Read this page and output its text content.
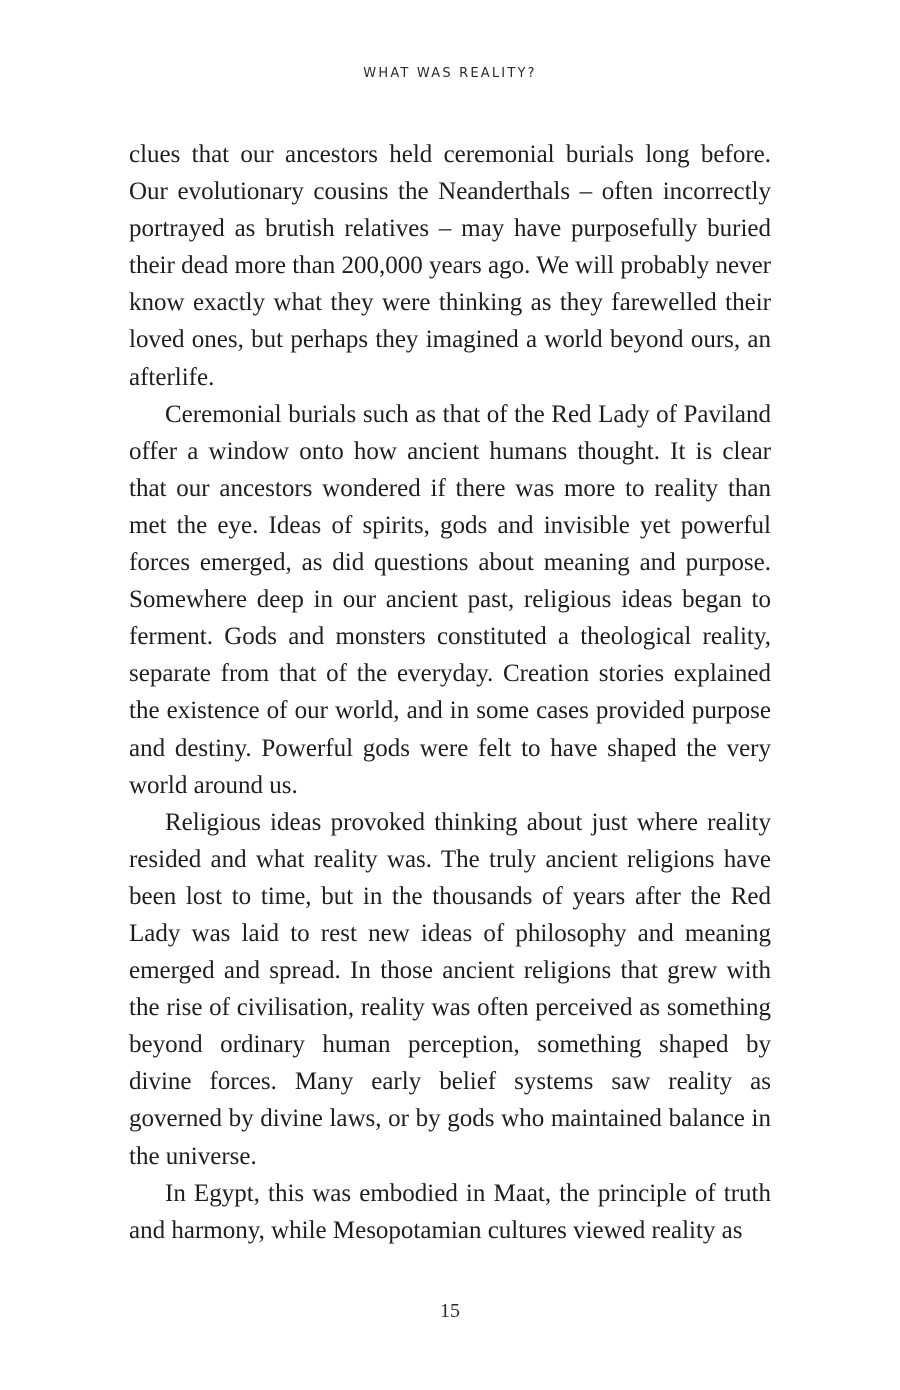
WHAT WAS REALITY?

clues that our ancestors held ceremonial burials long before. Our evolutionary cousins the Neanderthals – often incorrectly portrayed as brutish relatives – may have purposefully buried their dead more than 200,000 years ago. We will probably never know exactly what they were thinking as they farewelled their loved ones, but perhaps they imagined a world beyond ours, an afterlife.

Ceremonial burials such as that of the Red Lady of Paviland offer a window onto how ancient humans thought. It is clear that our ancestors wondered if there was more to reality than met the eye. Ideas of spirits, gods and invisible yet powerful forces emerged, as did questions about meaning and purpose. Somewhere deep in our ancient past, religious ideas began to ferment. Gods and monsters constituted a theological reality, separate from that of the everyday. Creation stories explained the existence of our world, and in some cases provided purpose and destiny. Powerful gods were felt to have shaped the very world around us.

Religious ideas provoked thinking about just where reality resided and what reality was. The truly ancient religions have been lost to time, but in the thousands of years after the Red Lady was laid to rest new ideas of philosophy and meaning emerged and spread. In those ancient religions that grew with the rise of civilisation, reality was often perceived as something beyond ordinary human perception, something shaped by divine forces. Many early belief systems saw reality as governed by divine laws, or by gods who maintained balance in the universe.

In Egypt, this was embodied in Maat, the principle of truth and harmony, while Mesopotamian cultures viewed reality as

15
